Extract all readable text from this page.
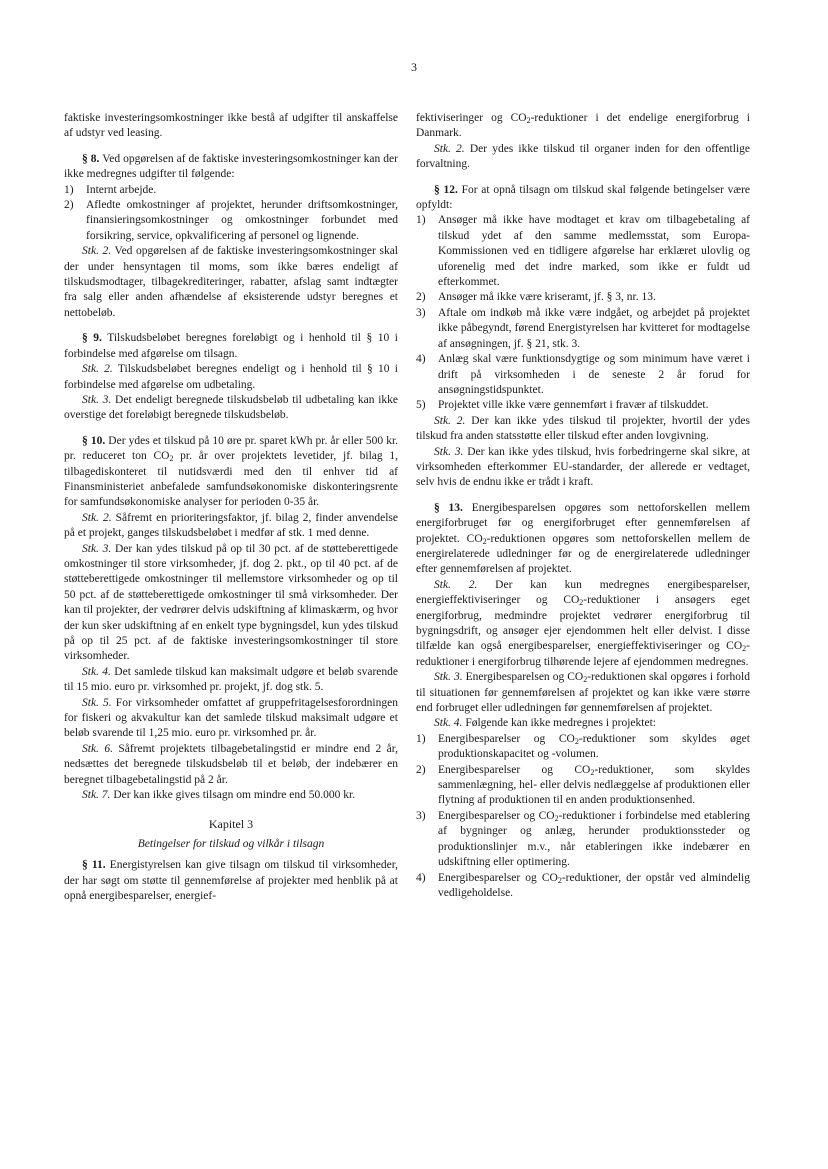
3

faktiske investeringsomkostninger ikke bestå af udgifter til anskaffelse af udstyr ved leasing.

§ 8. Ved opgørelsen af de faktiske investeringsomkostninger kan der ikke medregnes udgifter til følgende:

1)	Internt arbejde.
2)	Afledte omkostninger af projektet, herunder driftsomkostninger, finansieringsomkostninger og omkostninger forbundet med forsikring, service, opkvalificering af personel og lignende.

Stk. 2. Ved opgørelsen af de faktiske investeringsomkostninger skal der under hensyntagen til moms, som ikke bæres endeligt af tilskudsmodtager, tilbagekrediteringer, rabatter, afslag samt indtægter fra salg eller anden afhændelse af eksisterende udstyr beregnes et nettobeløb.

§ 9. Tilskudsbeløbet beregnes foreløbigt og i henhold til § 10 i forbindelse med afgørelse om tilsagn.

Stk. 2. Tilskudsbeløbet beregnes endeligt og i henhold til § 10 i forbindelse med afgørelse om udbetaling.

Stk. 3. Det endeligt beregnede tilskudsbeløb til udbetaling kan ikke overstige det foreløbigt beregnede tilskudsbeløb.

§ 10. Der ydes et tilskud på 10 øre pr. sparet kWh pr. år eller 500 kr. pr. reduceret ton $CO_2$ pr. år over projektets levetider, jf. bilag 1, tilbagediskonteret til nutidsværdi med den til enhver tid af Finansministeriet anbefalede samfundsøkonomiske diskonteringsrente for samfundsøkonomiske analyser for perioden 0-35 år.

Stk. 2. Såfremt en prioriteringsfaktor, jf. bilag 2, finder anvendelse på et projekt, ganges tilskudsbeløbet i medfør af stk. 1 med denne.

Stk. 3. Der kan ydes tilskud på op til 30 pct. af de støtteberettigede omkostninger til store virksomheder, jf. dog 2. pkt., op til 40 pct. af de støtteberettigede omkostninger til mellemstore virksomheder og op til 50 pct. af de støtteberettigede omkostninger til små virksomheder. Der kan til projekter, der vedrører delvis udskiftning af klimaskærm, og hvor der kun sker udskiftning af en enkelt type bygningsdel, kun ydes tilskud på op til 25 pct. af de faktiske investeringsomkostninger til store virksomheder.

Stk. 4. Det samlede tilskud kan maksimalt udgøre et beløb svarende til 15 mio. euro pr. virksomhed pr. projekt, jf. dog stk. 5.

Stk. 5. For virksomheder omfattet af gruppefritagelsesforordningen for fiskeri og akvakultur kan det samlede tilskud maksimalt udgøre et beløb svarende til 1,25 mio. euro pr. virksomhed pr. år.

Stk. 6. Såfremt projektets tilbagebetalingstid er mindre end 2 år, nedsættes det beregnede tilskudsbeløb til et beløb, der indebærer en beregnet tilbagebetalingstid på 2 år.

Stk. 7. Der kan ikke gives tilsagn om mindre end 50.000 kr.

Kapitel 3

Betingelser for tilskud og vilkår i tilsagn

§ 11. Energistyrelsen kan give tilsagn om tilskud til virksomheder, der har søgt om støtte til gennemførelse af projekter med henblik på at opnå energibesparelser, energief-

fektiviseringer og $CO_2$-reduktioner i det endelige energiforbrug i Danmark.

Stk. 2. Der ydes ikke tilskud til organer inden for den offentlige forvaltning.

§ 12. For at opnå tilsagn om tilskud skal følgende betingelser være opfyldt:

1)	Ansøger må ikke have modtaget et krav om tilbagebetaling af tilskud ydet af den samme medlemsstat, som Europa-Kommissionen ved en tidligere afgørelse har erklæret ulovlig og uforenelig med det indre marked, som ikke er fuldt ud efterkommet.
2)	Ansøger må ikke være kriseramt, jf. § 3, nr. 13.
3)	Aftale om indkøb må ikke være indgået, og arbejdet på projektet ikke påbegyndt, førend Energistyrelsen har kvitteret for modtagelse af ansøgningen, jf. § 21, stk. 3.
4)	Anlæg skal være funktionsdygtige og som minimum have været i drift på virksomheden i de seneste 2 år forud for ansøgningstidspunktet.
5)	Projektet ville ikke være gennemført i fravær af tilskuddet.

Stk. 2. Der kan ikke ydes tilskud til projekter, hvortil der ydes tilskud fra anden statsstøtte eller tilskud efter anden lovgivning.

Stk. 3. Der kan ikke ydes tilskud, hvis forbedringerne skal sikre, at virksomheden efterkommer EU-standarder, der allerede er vedtaget, selv hvis de endnu ikke er trådt i kraft.

§ 13. Energibesparelsen opgøres som nettoforskellen mellem energiforbruget før og energiforbruget efter gennemførelsen af projektet. $CO_2$-reduktionen opgøres som nettoforskellen mellem de energirelaterede udledninger før og de energirelaterede udledninger efter gennemførelsen af projektet.

Stk. 2. Der kan kun medregnes energibesparelser, energieffektiviseringer og $CO_2$-reduktioner i ansøgers eget energiforbrug, medmindre projektet vedrører energiforbrug til bygningsdrift, og ansøger ejer ejendommen helt eller delvist. I disse tilfælde kan også energibesparelser, energieffektiviseringer og $CO_2$-reduktioner i energiforbrug tilhørende lejere af ejendommen medregnes.

Stk. 3. Energibesparelsen og $CO_2$-reduktionen skal opgøres i forhold til situationen før gennemførelsen af projektet og kan ikke være større end forbruget eller udledningen før gennemførelsen af projektet.

Stk. 4. Følgende kan ikke medregnes i projektet:

1)	Energibesparelser og $CO_2$-reduktioner som skyldes øget produktionskapacitet og -volumen.
2)	Energibesparelser og $CO_2$-reduktioner, som skyldes sammenlægning, hel- eller delvis nedlæggelse af produktionen eller flytning af produktionen til en anden produktionsenhed.
3)	Energibesparelser og $CO_2$-reduktioner i forbindelse med etablering af bygninger og anlæg, herunder produktionssteder og produktionslinjer m.v., når etableringen ikke indebærer en udskiftning eller optimering.
4)	Energibesparelser og $CO_2$-reduktioner, der opstår ved almindelig vedligeholdelse.
